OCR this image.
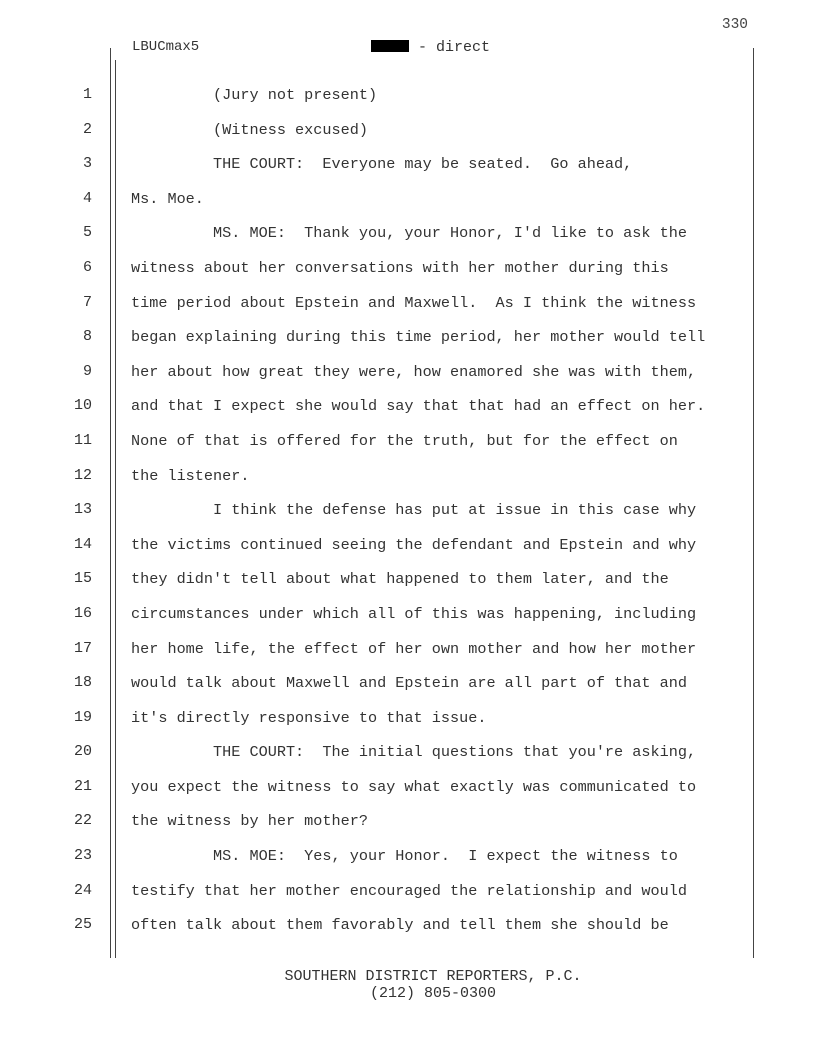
330
LBUCmax5	- direct
1
2
3
4
5
6
7
8
9
10
11
12
13
14
15
16
17
18
19
20
21
22
23
24
25
(Jury not present)
(Witness excused)
THE COURT:  Everyone may be seated.  Go ahead,
Ms. Moe.
MS. MOE:  Thank you, your Honor, I'd like to ask the
witness about her conversations with her mother during this
time period about Epstein and Maxwell.  As I think the witness
began explaining during this time period, her mother would tell
her about how great they were, how enamored she was with them,
and that I expect she would say that that had an effect on her.
None of that is offered for the truth, but for the effect on
the listener.
I think the defense has put at issue in this case why
the victims continued seeing the defendant and Epstein and why
they didn't tell about what happened to them later, and the
circumstances under which all of this was happening, including
her home life, the effect of her own mother and how her mother
would talk about Maxwell and Epstein are all part of that and
it's directly responsive to that issue.
THE COURT:  The initial questions that you're asking,
you expect the witness to say what exactly was communicated to
the witness by her mother?
MS. MOE:  Yes, your Honor.  I expect the witness to
testify that her mother encouraged the relationship and would
often talk about them favorably and tell them she should be
SOUTHERN DISTRICT REPORTERS, P.C.
(212) 805-0300
